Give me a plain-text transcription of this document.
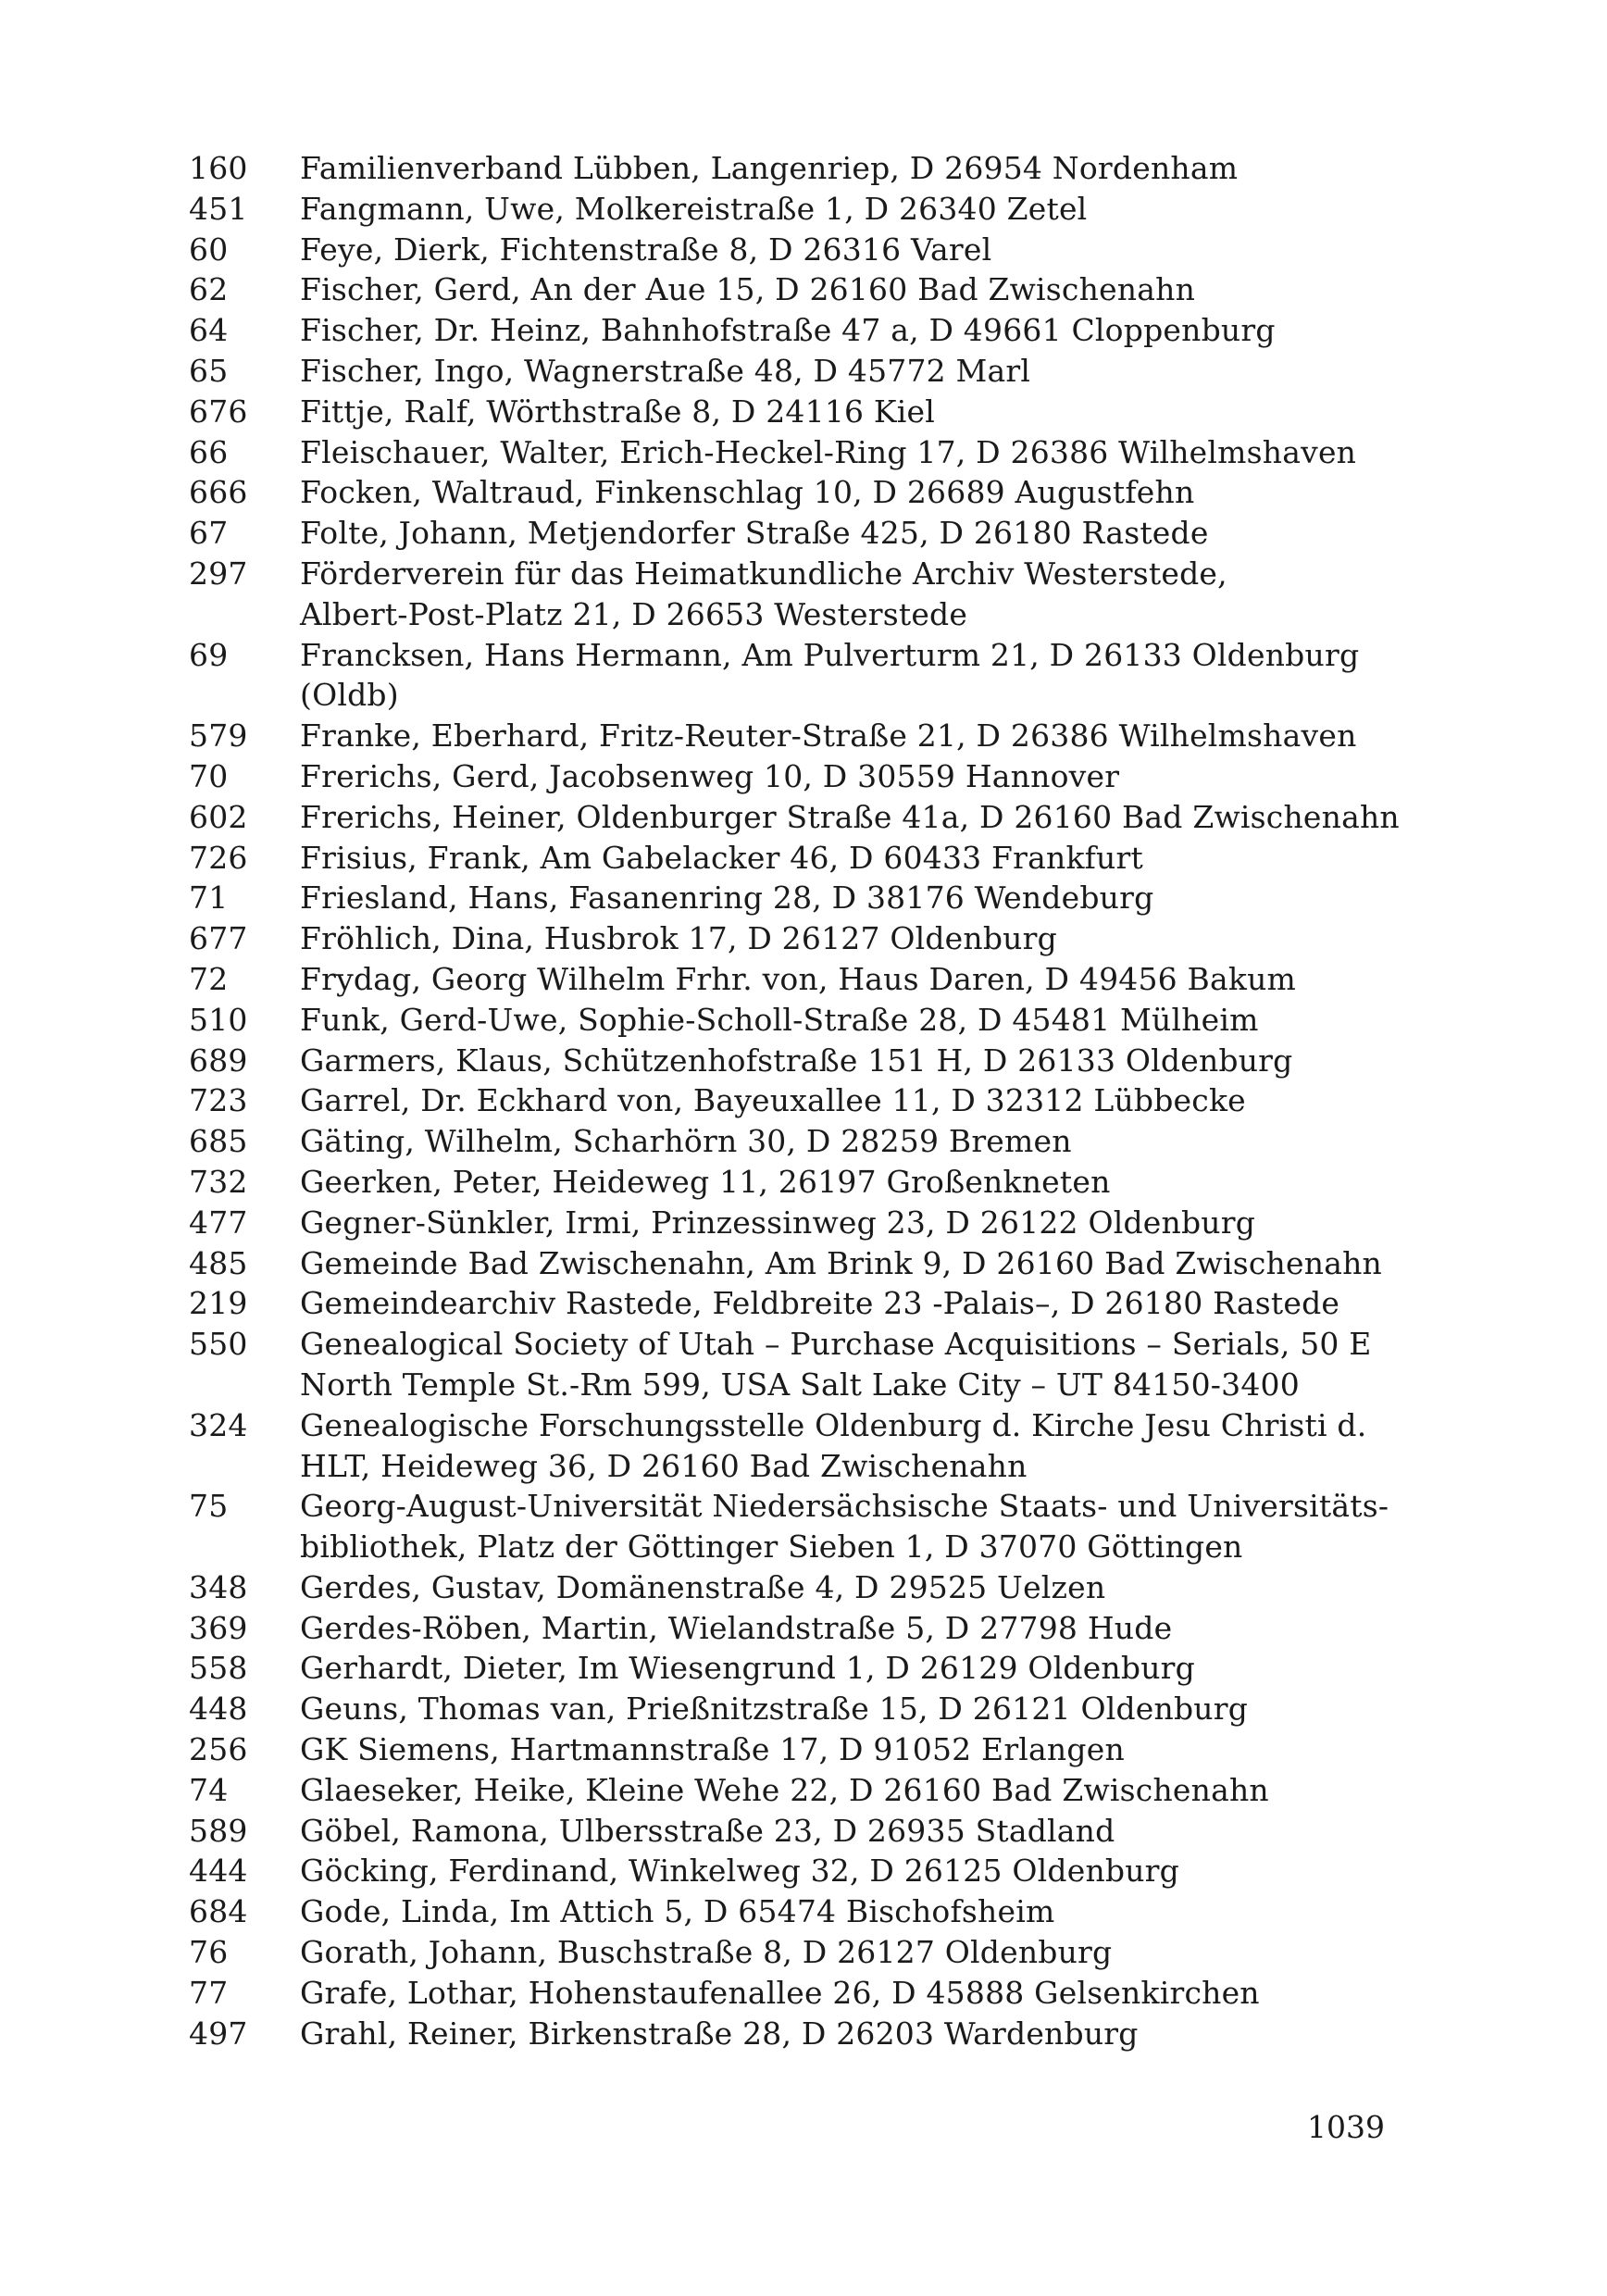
160	Familienverband Lübben, Langenriep, D 26954 Nordenham
451	Fangmann, Uwe, Molkereistraße 1, D 26340 Zetel
60	Feye, Dierk, Fichtenstraße 8, D 26316 Varel
62	Fischer, Gerd, An der Aue 15, D 26160 Bad Zwischenahn
64	Fischer, Dr. Heinz, Bahnhofstraße 47 a, D 49661 Cloppenburg
65	Fischer, Ingo, Wagnerstraße 48, D 45772 Marl
676	Fittje, Ralf, Wörthstraße 8, D 24116 Kiel
66	Fleischauer, Walter, Erich-Heckel-Ring 17, D 26386 Wilhelmshaven
666	Focken, Waltraud, Finkenschlag 10, D 26689 Augustfehn
67	Folte, Johann, Metjendorfer Straße 425, D 26180 Rastede
297	Förderverein für das Heimatkundliche Archiv Westerstede,
Albert-Post-Platz 21, D 26653 Westerstede
69	Francksen, Hans Hermann, Am Pulverturm 21, D 26133 Oldenburg (Oldb)
579	Franke, Eberhard, Fritz-Reuter-Straße 21, D 26386 Wilhelmshaven
70	Frerichs, Gerd, Jacobsenweg 10, D 30559 Hannover
602	Frerichs, Heiner, Oldenburger Straße 41a, D 26160 Bad Zwischenahn
726	Frisius, Frank, Am Gabelacker 46, D 60433 Frankfurt
71	Friesland, Hans, Fasanenring 28, D 38176 Wendeburg
677	Fröhlich, Dina, Husbrok 17, D 26127 Oldenburg
72	Frydag, Georg Wilhelm Frhr. von, Haus Daren, D 49456 Bakum
510	Funk, Gerd-Uwe, Sophie-Scholl-Straße 28, D 45481 Mülheim
689	Garmers, Klaus, Schützenhofstraße 151 H, D 26133 Oldenburg
723	Garrel, Dr. Eckhard von, Bayeuxallee 11, D 32312 Lübbecke
685	Gäting, Wilhelm, Scharhörn 30, D 28259 Bremen
732	Geerken, Peter, Heideweg 11, 26197 Großenkneten
477	Gegner-Sünkler, Irmi, Prinzessinweg 23, D 26122 Oldenburg
485	Gemeinde Bad Zwischenahn, Am Brink 9, D 26160 Bad Zwischenahn
219	Gemeindearchiv Rastede, Feldbreite 23 -Palais–, D 26180 Rastede
550	Genealogical Society of Utah – Purchase Acquisitions – Serials, 50 E
North Temple St.-Rm 599, USA Salt Lake City – UT 84150-3400
324	Genealogische Forschungsstelle Oldenburg d. Kirche Jesu Christi d.
HLT, Heideweg 36, D 26160 Bad Zwischenahn
75	Georg-August-Universität Niedersächsische Staats- und Universitäts-
bibliothek, Platz der Göttinger Sieben 1, D 37070 Göttingen
348	Gerdes, Gustav, Domänenstraße 4, D 29525 Uelzen
369	Gerdes-Röben, Martin, Wielandstraße 5, D 27798 Hude
558	Gerhardt, Dieter, Im Wiesengrund 1, D 26129 Oldenburg
448	Geuns, Thomas van, Prießnitzstraße 15, D 26121 Oldenburg
256	GK Siemens, Hartmannstraße 17, D 91052 Erlangen
74	Glaeseker, Heike, Kleine Wehe 22, D 26160 Bad Zwischenahn
589	Göbel, Ramona, Ulbersstraße 23, D 26935 Stadland
444	Göcking, Ferdinand, Winkelweg 32, D 26125 Oldenburg
684	Gode, Linda, Im Attich 5, D 65474 Bischofsheim
76	Gorath, Johann, Buschstraße 8, D 26127 Oldenburg
77	Grafe, Lothar, Hohenstaufenallee 26, D 45888 Gelsenkirchen
497	Grahl, Reiner, Birkenstraße 28, D 26203 Wardenburg
1039
